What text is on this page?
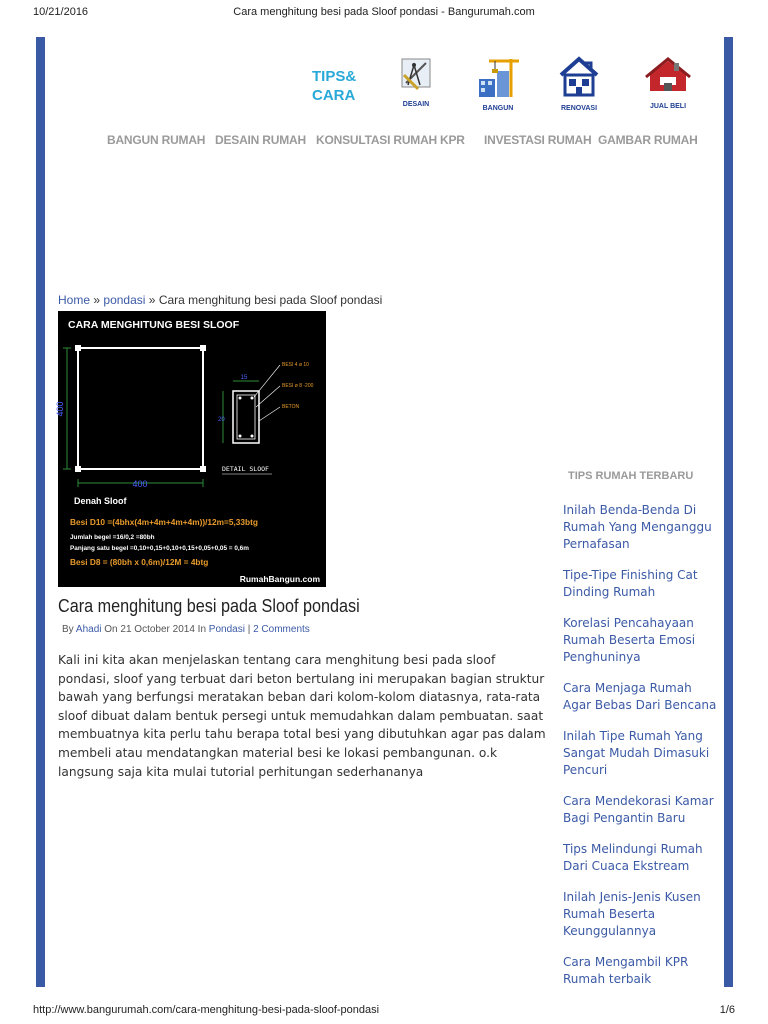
10/21/2016	Cara menghitung besi pada Sloof pondasi - Bangurumah.com
TIPS&
CARA
DESAIN
BANGUN	RENOVASI	JUAL BELI
BANGUN RUMAH DESAIN RUMAH KONSULTASI RUMAH KPR INVESTASI RUMAH GAMBAR RUMAH
Home » pondasi » Cara menghitung besi pada Sloof pondasi
CARA MENGHITUNG BESI SLOOF
400
400
15
20
BESI 4 ø 10
BESI ø 8 -200
BETON
DETAIL SLOOF
Denah Sloof
Besi D10 =(4bhx(4m+4m+4m+4m))/12m=5,33btg
Jumlah begel =16/0,2 =80bh
Panjang satu begel =0,10+0,15+0,10+0,15+0,05+0,05 = 0,6m
Besi D8 = (80bh x 0,6m)/12M = 4btg
RumahBangun.com
Cara menghitung besi pada Sloof pondasi
By Ahadi On 21 October 2014 In Pondasi | 2 Comments
Kali ini kita akan menjelaskan tentang cara menghitung besi pada sloof pondasi, sloof yang terbuat dari beton bertulang ini merupakan bagian struktur bawah yang berfungsi meratakan beban dari kolom-kolom diatasnya, rata-rata sloof dibuat dalam bentuk persegi untuk memudahkan dalam pembuatan. saat membuatnya kita perlu tahu berapa total besi yang dibutuhkan agar pas dalam membeli atau mendatangkan material besi ke lokasi pembangunan. o.k langsung saja kita mulai tutorial perhitungan sederhananya
TIPS RUMAH TERBARU
Inilah Benda-Benda Di Rumah Yang Menganggu Pernafasan
Tipe-Tipe Finishing Cat Dinding Rumah
Korelasi Pencahayaan Rumah Beserta Emosi Penghuninya
Cara Menjaga Rumah Agar Bebas Dari Bencana
Inilah Tipe Rumah Yang Sangat Mudah Dimasuki Pencuri
Cara Mendekorasi Kamar Bagi Pengantin Baru
Tips Melindungi Rumah Dari Cuaca Ekstream
Inilah Jenis-Jenis Kusen Rumah Beserta Keunggulannya
Cara Mengambil KPR Rumah terbaik
http://www.bangurumah.com/cara-menghitung-besi-pada-sloof-pondasi	1/6
